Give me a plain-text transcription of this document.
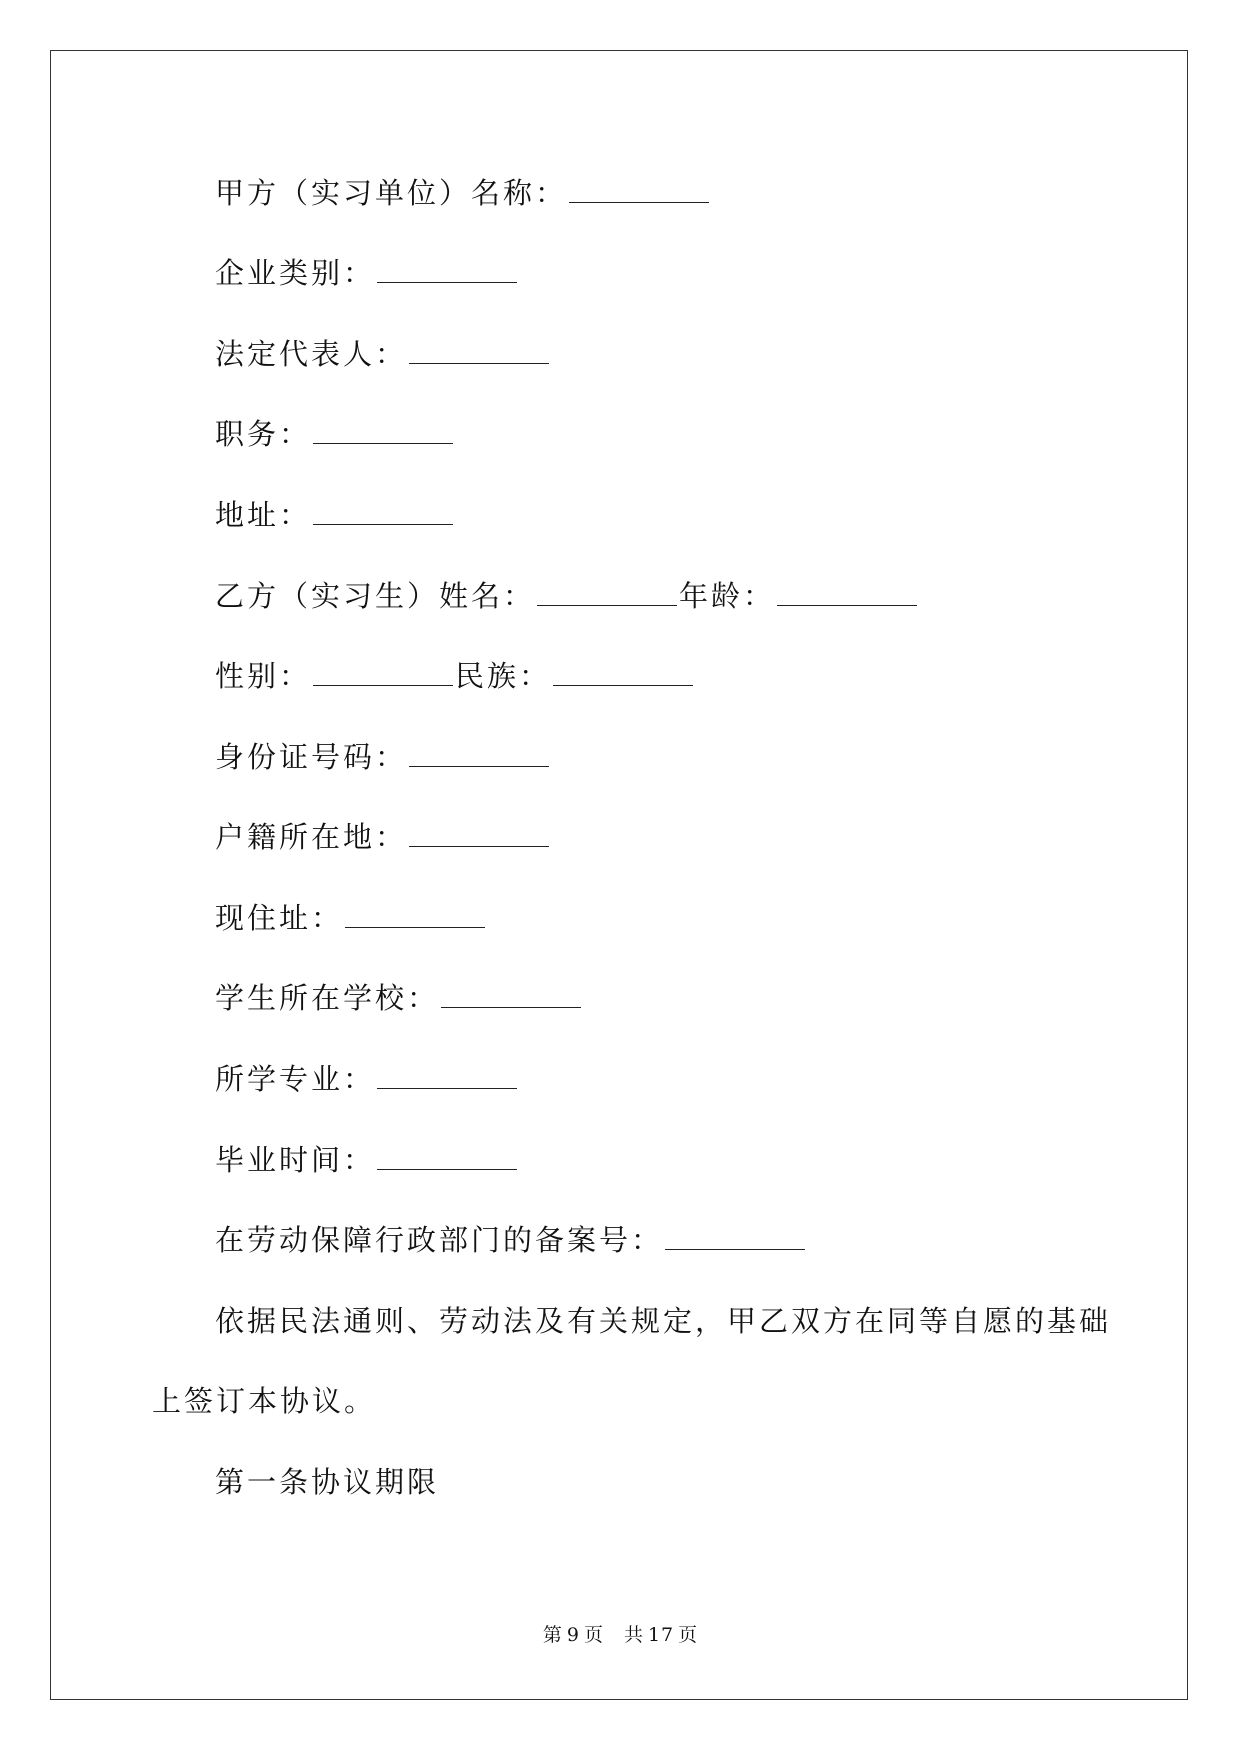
甲方（实习单位）名称：
企业类别：
法定代表人：
职务：
地址：
乙方（实习生）姓名：	年龄：
性别：	民族：
身份证号码：
户籍所在地：
现住址：
学生所在学校：
所学专业：
毕业时间：
在劳动保障行政部门的备案号：
依据民法通则、劳动法及有关规定，甲乙双方在同等自愿的基础
上签订本协议。
第一条协议期限
第 9 页　共 17 页
